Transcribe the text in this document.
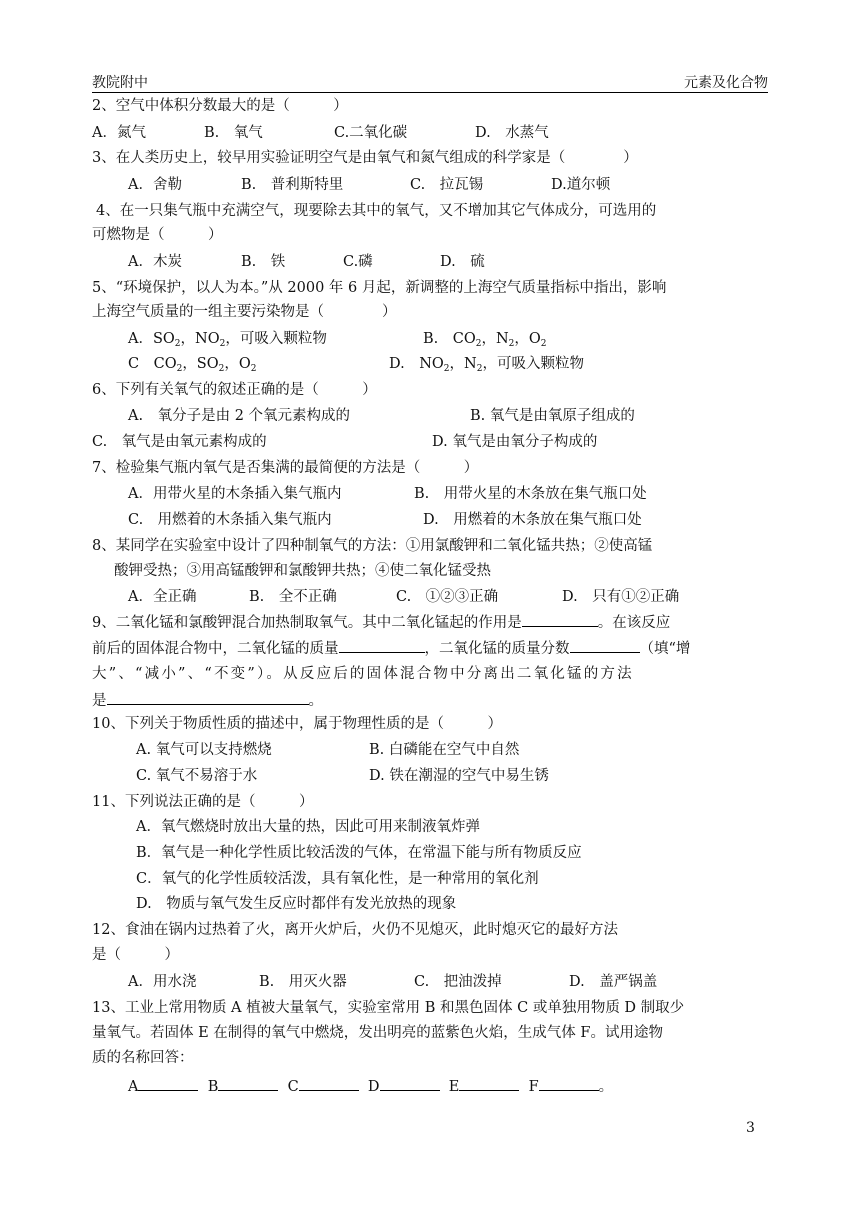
教院附中	元素及化合物
2、空气中体积分数最大的是（　　　）
A．氮气	B.　氧气	C.二氧化碳	D.　水蒸气
3、在人类历史上，较早用实验证明空气是由氧气和氮气组成的科学家是（　　　　）
A．舍勒	B.　普利斯特里	C.　拉瓦锡	D.道尔顿
4、在一只集气瓶中充满空气，现要除去其中的氧气，又不增加其它气体成分，可选用的
可燃物是（　　　）
A．木炭	B.　铁	C.磷	D.　硫
5、“环境保护，以人为本。”从 2000 年 6 月起，新调整的上海空气质量指标中指出，影响
上海空气质量的一组主要污染物是（　　　　）
A．$SO_2$，$NO_2$，可吸入颗粒物	B.　$CO_2$，$N_2$，$O_2$
C　$CO_2$，$SO_2$，$O_2$	D.　$NO_2$，$N_2$，可吸入颗粒物
6、下列有关氧气的叙述正确的是（　　　）
A.　氧分子是由 2 个氧元素构成的	B. 氧气是由氧原子组成的
C.　氧气是由氧元素构成的	D. 氧气是由氧分子构成的
7、检验集气瓶内氧气是否集满的最简便的方法是（　　　）
A．用带火星的木条插入集气瓶内	B.　用带火星的木条放在集气瓶口处
C.　用燃着的木条插入集气瓶内	D.　用燃着的木条放在集气瓶口处
8、某同学在实验室中设计了四种制氧气的方法：①用氯酸钾和二氧化锰共热；②使高锰
酸钾受热；③用高锰酸钾和氯酸钾共热；④使二氧化锰受热
A．全正确	B.　全不正确	C.　①②③正确	D.　只有①②正确
9、二氧化锰和氯酸钾混合加热制取氧气。其中二氧化锰起的作用是	。在该反应
前后的固体混合物中，二氧化锰的质量	，二氧化锰的质量分数	（填“增
大”、“减小”、“不变”）。从反应后的固体混合物中分离出二氧化锰的方法
是	。
10、下列关于物质性质的描述中，属于物理性质的是（　　　）
A. 氧气可以支持燃烧	B. 白磷能在空气中自然
C. 氧气不易溶于水	D. 铁在潮湿的空气中易生锈
11、下列说法正确的是（　　　）
A．氧气燃烧时放出大量的热，因此可用来制液氧炸弹
B．氧气是一种化学性质比较活泼的气体，在常温下能与所有物质反应
C．氧气的化学性质较活泼，具有氧化性，是一种常用的氧化剂
D.　物质与氧气发生反应时都伴有发光放热的现象
12、食油在锅内过热着了火，离开火炉后，火仍不见熄灭，此时熄灭它的最好方法
是（　　　）
A．用水浇	B.　用灭火器	C.　把油泼掉	D.　盖严锅盖
13、工业上常用物质 A 植被大量氧气，实验室常用 B 和黑色固体 C 或单独用物质 D 制取少
量氧气。若固体 E 在制得的氧气中燃烧，发出明亮的蓝紫色火焰，生成气体 F。试用途物
质的名称回答：
A	B	C	D	E	F	。
3
